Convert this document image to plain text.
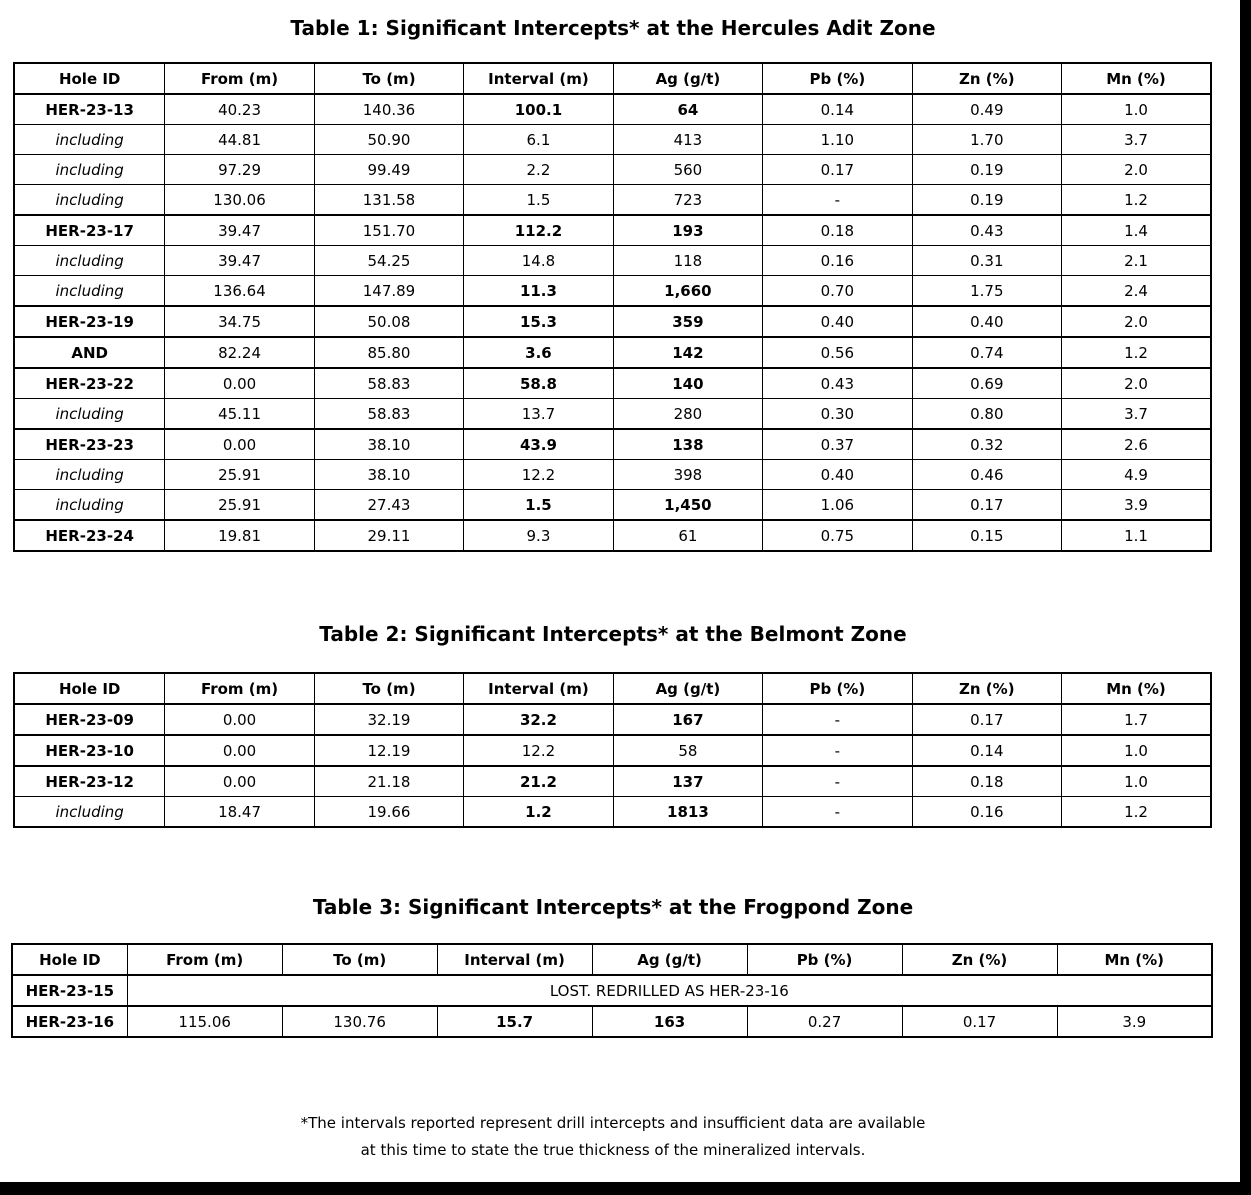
Table 1: Significant Intercepts* at the Hercules Adit Zone
Hole ID	From (m)	To (m)	Interval (m)	Ag (g/t)	Pb (%)	Zn (%)	Mn (%)
HER-23-13	40.23	140.36	100.1	64	0.14	0.49	1.0
including	44.81	50.90	6.1	413	1.10	1.70	3.7
including	97.29	99.49	2.2	560	0.17	0.19	2.0
including	130.06	131.58	1.5	723	-	0.19	1.2
HER-23-17	39.47	151.70	112.2	193	0.18	0.43	1.4
including	39.47	54.25	14.8	118	0.16	0.31	2.1
including	136.64	147.89	11.3	1,660	0.70	1.75	2.4
HER-23-19	34.75	50.08	15.3	359	0.40	0.40	2.0
AND	82.24	85.80	3.6	142	0.56	0.74	1.2
HER-23-22	0.00	58.83	58.8	140	0.43	0.69	2.0
including	45.11	58.83	13.7	280	0.30	0.80	3.7
HER-23-23	0.00	38.10	43.9	138	0.37	0.32	2.6
including	25.91	38.10	12.2	398	0.40	0.46	4.9
including	25.91	27.43	1.5	1,450	1.06	0.17	3.9
HER-23-24	19.81	29.11	9.3	61	0.75	0.15	1.1
Table 2: Significant Intercepts* at the Belmont Zone
Hole ID	From (m)	To (m)	Interval (m)	Ag (g/t)	Pb (%)	Zn (%)	Mn (%)
HER-23-09	0.00	32.19	32.2	167	-	0.17	1.7
HER-23-10	0.00	12.19	12.2	58	-	0.14	1.0
HER-23-12	0.00	21.18	21.2	137	-	0.18	1.0
including	18.47	19.66	1.2	1813	-	0.16	1.2
Table 3: Significant Intercepts* at the Frogpond Zone
Hole ID	From (m)	To (m)	Interval (m)	Ag (g/t)	Pb (%)	Zn (%)	Mn (%)
HER-23-15	LOST. REDRILLED AS HER-23-16						
HER-23-16	115.06	130.76	15.7	163	0.27	0.17	3.9
*The intervals reported represent drill intercepts and insufficient data are available
at this time to state the true thickness of the mineralized intervals.
